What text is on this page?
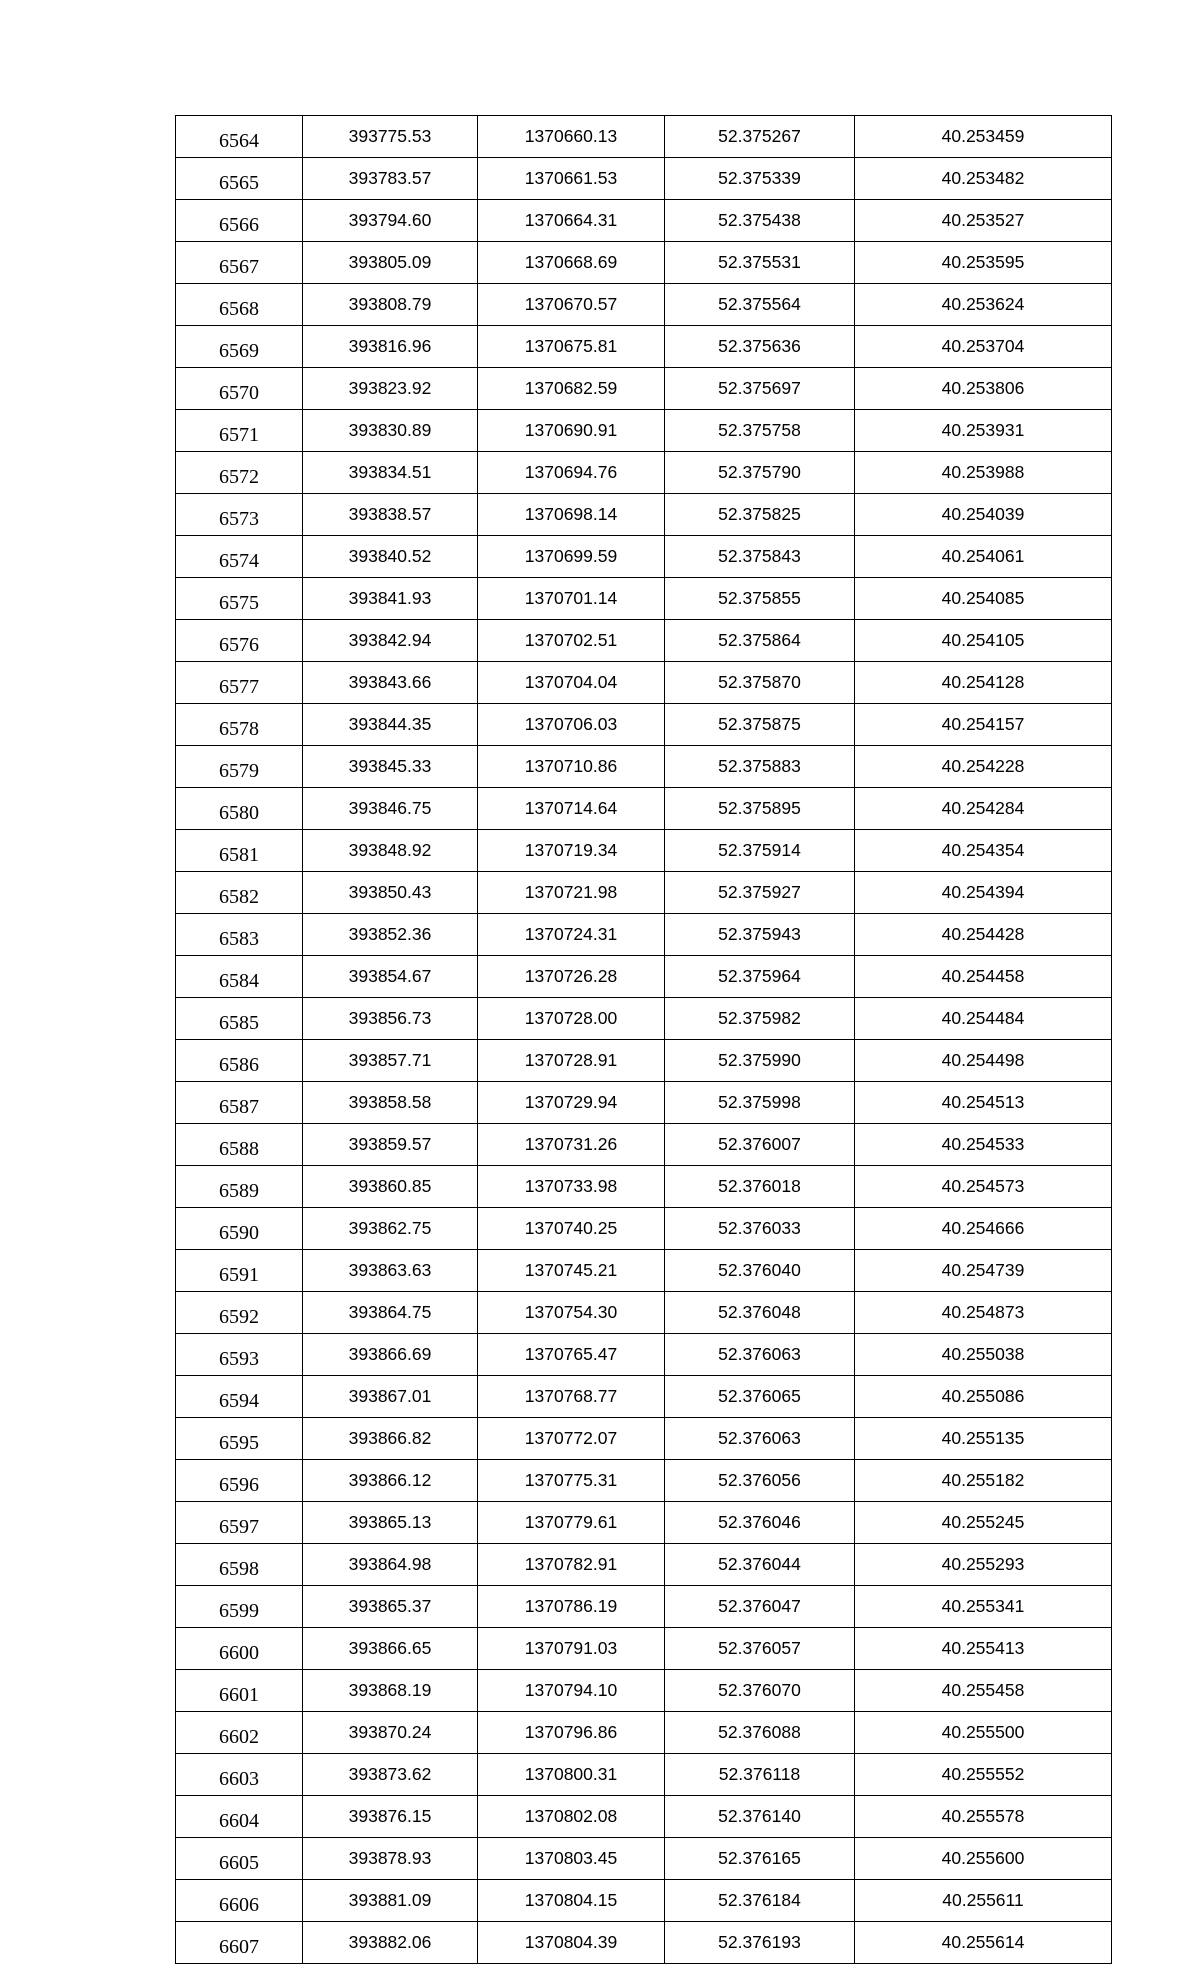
6564	393775.53	1370660.13	52.375267	40.253459
6565	393783.57	1370661.53	52.375339	40.253482
6566	393794.60	1370664.31	52.375438	40.253527
6567	393805.09	1370668.69	52.375531	40.253595
6568	393808.79	1370670.57	52.375564	40.253624
6569	393816.96	1370675.81	52.375636	40.253704
6570	393823.92	1370682.59	52.375697	40.253806
6571	393830.89	1370690.91	52.375758	40.253931
6572	393834.51	1370694.76	52.375790	40.253988
6573	393838.57	1370698.14	52.375825	40.254039
6574	393840.52	1370699.59	52.375843	40.254061
6575	393841.93	1370701.14	52.375855	40.254085
6576	393842.94	1370702.51	52.375864	40.254105
6577	393843.66	1370704.04	52.375870	40.254128
6578	393844.35	1370706.03	52.375875	40.254157
6579	393845.33	1370710.86	52.375883	40.254228
6580	393846.75	1370714.64	52.375895	40.254284
6581	393848.92	1370719.34	52.375914	40.254354
6582	393850.43	1370721.98	52.375927	40.254394
6583	393852.36	1370724.31	52.375943	40.254428
6584	393854.67	1370726.28	52.375964	40.254458
6585	393856.73	1370728.00	52.375982	40.254484
6586	393857.71	1370728.91	52.375990	40.254498
6587	393858.58	1370729.94	52.375998	40.254513
6588	393859.57	1370731.26	52.376007	40.254533
6589	393860.85	1370733.98	52.376018	40.254573
6590	393862.75	1370740.25	52.376033	40.254666
6591	393863.63	1370745.21	52.376040	40.254739
6592	393864.75	1370754.30	52.376048	40.254873
6593	393866.69	1370765.47	52.376063	40.255038
6594	393867.01	1370768.77	52.376065	40.255086
6595	393866.82	1370772.07	52.376063	40.255135
6596	393866.12	1370775.31	52.376056	40.255182
6597	393865.13	1370779.61	52.376046	40.255245
6598	393864.98	1370782.91	52.376044	40.255293
6599	393865.37	1370786.19	52.376047	40.255341
6600	393866.65	1370791.03	52.376057	40.255413
6601	393868.19	1370794.10	52.376070	40.255458
6602	393870.24	1370796.86	52.376088	40.255500
6603	393873.62	1370800.31	52.376118	40.255552
6604	393876.15	1370802.08	52.376140	40.255578
6605	393878.93	1370803.45	52.376165	40.255600
6606	393881.09	1370804.15	52.376184	40.255611
6607	393882.06	1370804.39	52.376193	40.255614
